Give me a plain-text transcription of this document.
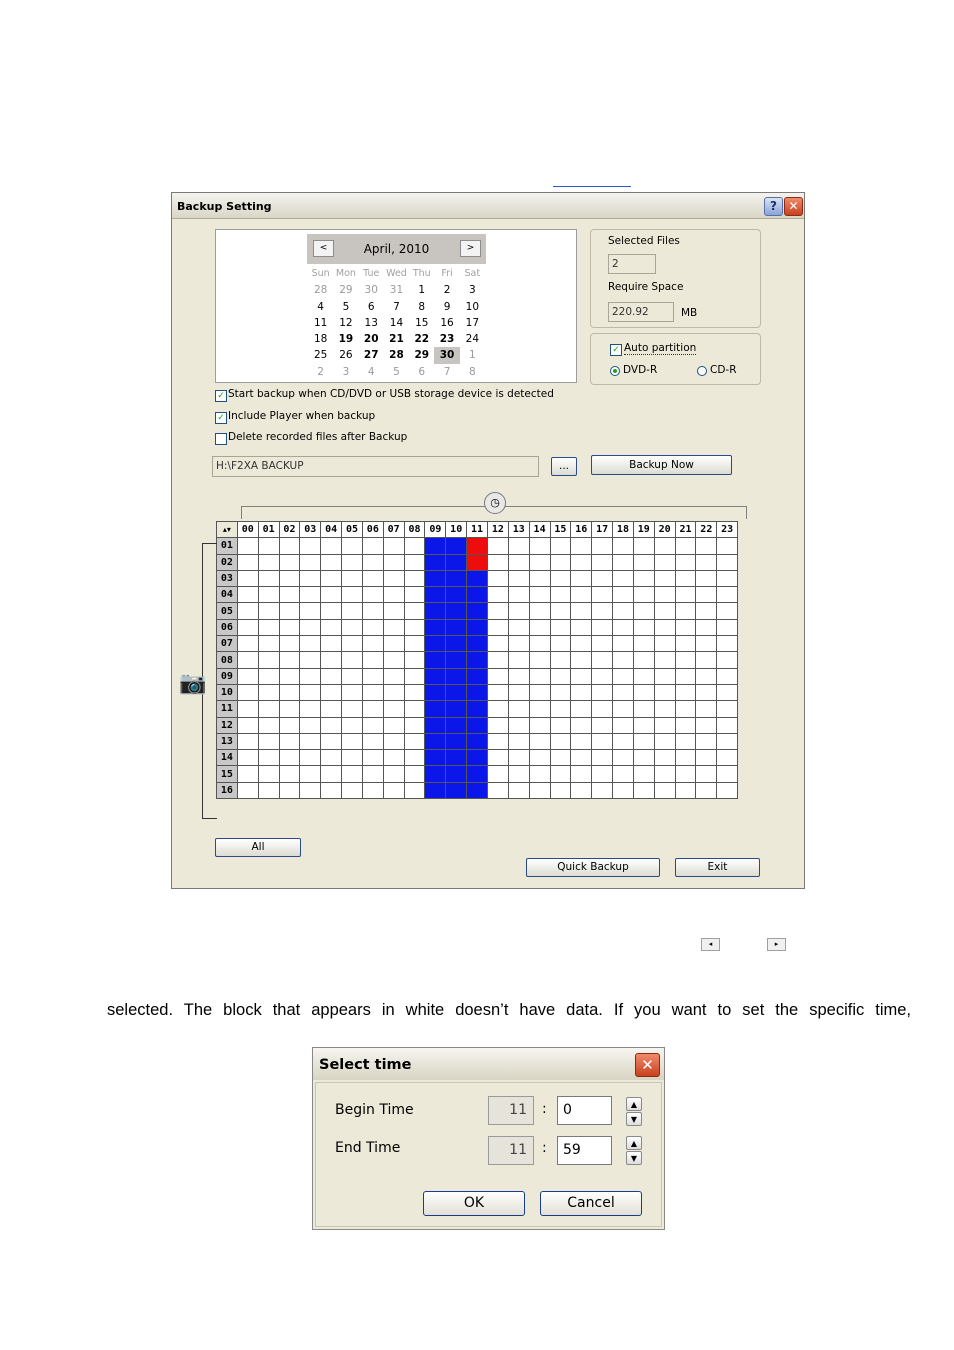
Backup Setting	? ✕
<	April, 2010	>
Sun Mon Tue Wed Thu	Fri	Sat
28	29	30	31	1	2	3
4	5	6	7	8	9	10
11	12	13	14	15	16	17
18	19	20	21	22	23	24
25	26	27	28	29	30	1
2	3	4	5	6	7	8
Selected Files
2
Require Space
220.92	MB
✓ Auto partition
DVD-R	CD-R
✓ Start backup when CD/DVD or USB storage device is detected
✓ Include Player when backup
Delete recorded files after Backup
H:\F2XA BACKUP	...	Backup Now
◷
▴▾	00	01	02	03	04	05	06	07	08	09	10	11	12	13	14	15	16	17	18	19	20	21	22	23
01																								
02																								
03																								
04																								
05																								
06																								
07																								
08																								
09																								
10																								
11																								
12																								
13																								
14																								
15																								
16																								
📷
All
Quick Backup	Exit
◂	▸
selected. The block that appears in white doesn’t have data. If you want to set the specific time,
Select time	✕
Begin Time	11	:	0	▲
▼
End Time	11	:	59	▲
▼
OK	Cancel
